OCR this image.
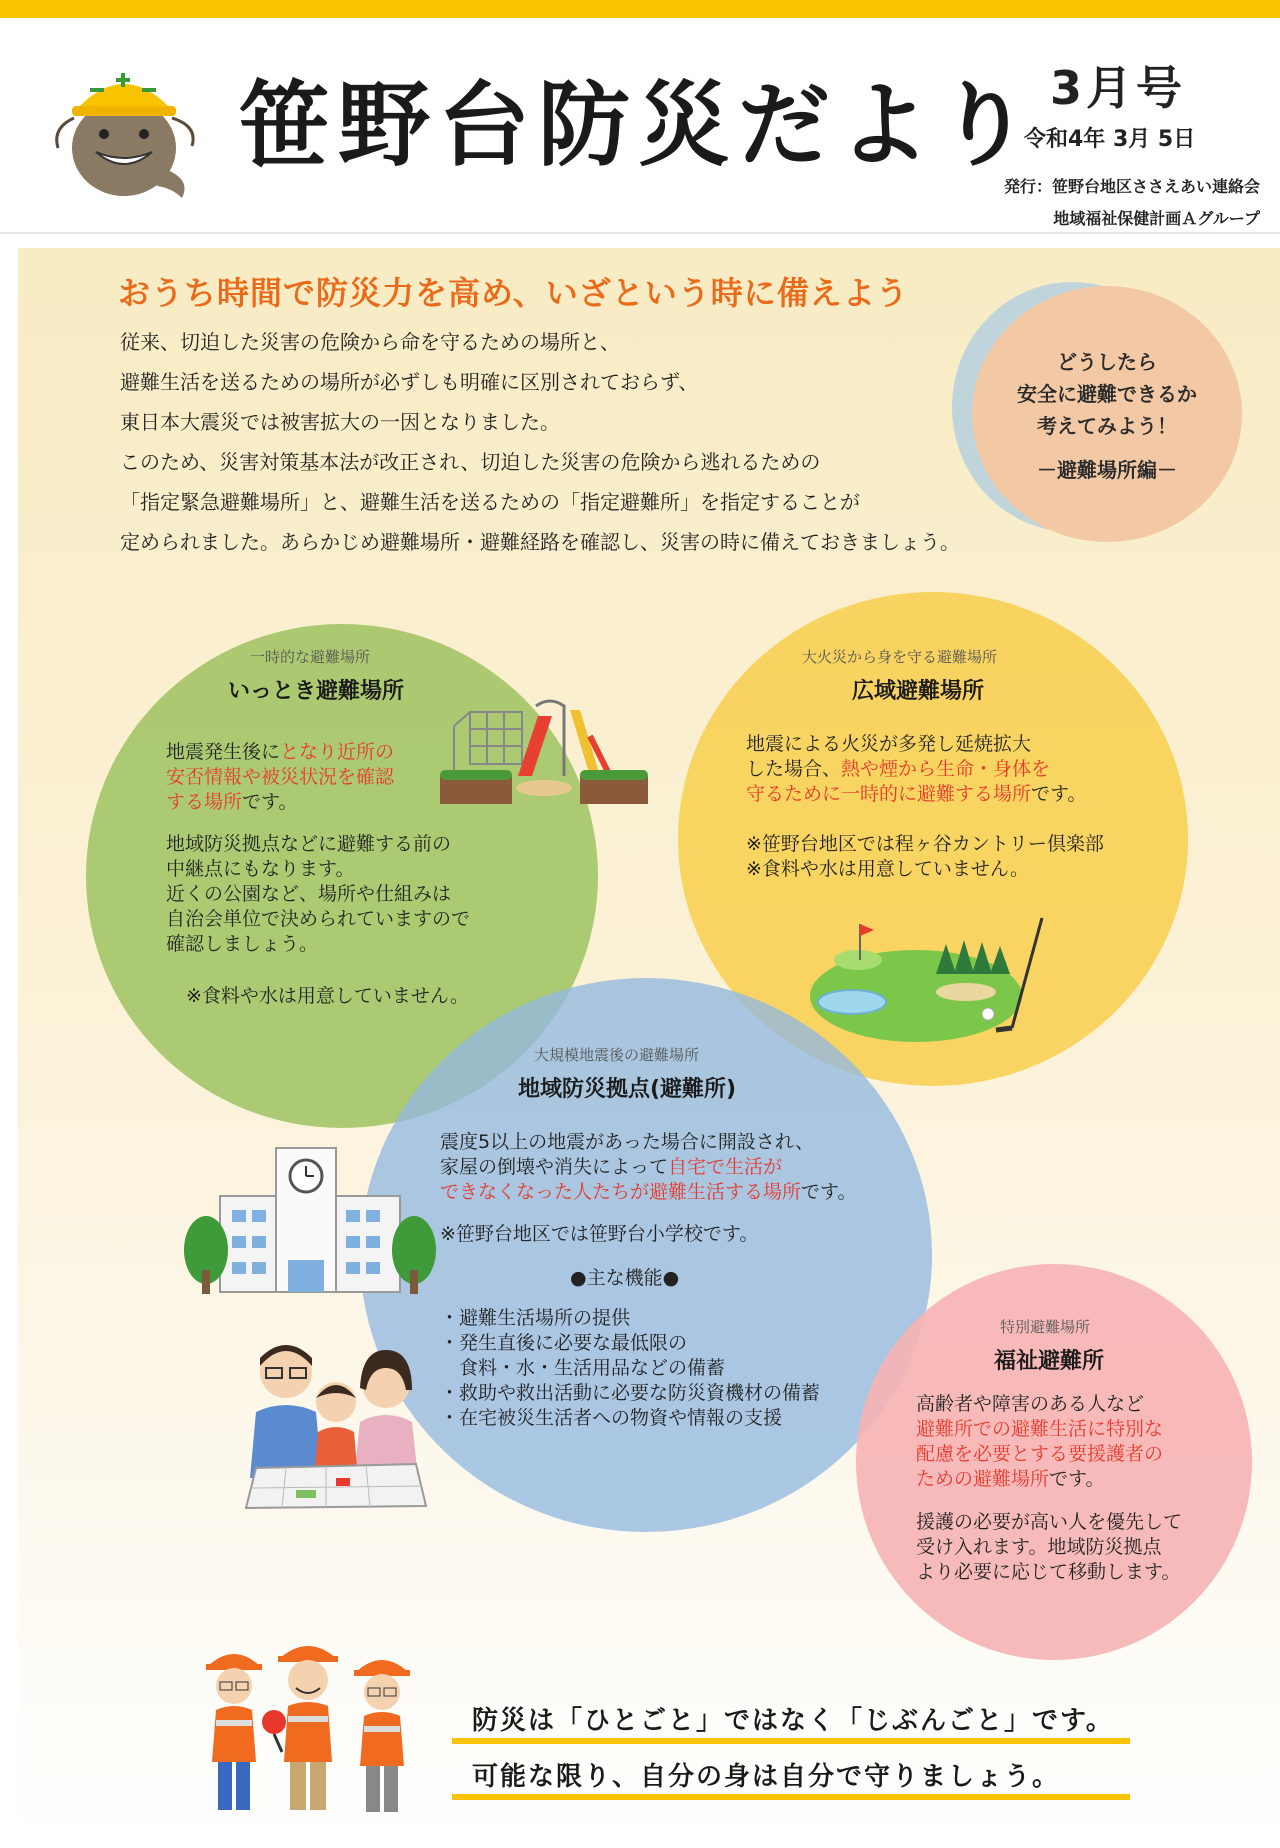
笹野台防災だより 3月号
令和4年 3月 5日
発行：笹野台地区ささえあい連絡会
地域福祉保健計画Ａグループ
おうち時間で防災力を高め、いざという時に備えよう
従来、切迫した災害の危険から命を守るための場所と、
避難生活を送るための場所が必ずしも明確に区別されておらず、
東日本大震災では被害拡大の一因となりました。
このため、災害対策基本法が改正され、切迫した災害の危険から逃れるための
「指定緊急避難場所」と、避難生活を送るための「指定避難所」を指定することが
定められました。あらかじめ避難場所・避難経路を確認し、災害の時に備えておきましょう。
どうしたら
安全に避難できるか
考えてみよう！
－避難場所編－
一時的な避難場所
いっとき避難場所
地震発生後にとなり近所の
安否情報や被災状況を確認
する場所です。
地域防災拠点などに避難する前の
中継点にもなります。
近くの公園など、場所や仕組みは
自治会単位で決められていますので
確認しましょう。
※食料や水は用意していません。
大火災から身を守る避難場所
広域避難場所
地震による火災が多発し延焼拡大
した場合、熱や煙から生命・身体を
守るために一時的に避難する場所です。
※笹野台地区では程ヶ谷カントリー倶楽部
※食料や水は用意していません。
大規模地震後の避難場所
地域防災拠点(避難所)
震度5以上の地震があった場合に開設され、
家屋の倒壊や消失によって自宅で生活が
できなくなった人たちが避難生活する場所です。
※笹野台地区では笹野台小学校です。
●主な機能●
・避難生活場所の提供
・発生直後に必要な最低限の
　食料・水・生活用品などの備蓄
・救助や救出活動に必要な防災資機材の備蓄
・在宅被災生活者への物資や情報の支援
特別避難場所
福祉避難所
高齢者や障害のある人など
避難所での避難生活に特別な
配慮を必要とする要援護者の
ための避難場所です。
援護の必要が高い人を優先して
受け入れます。地域防災拠点
より必要に応じて移動します。
防災は「ひとごと」ではなく「じぶんごと」です。
可能な限り、自分の身は自分で守りましょう。
